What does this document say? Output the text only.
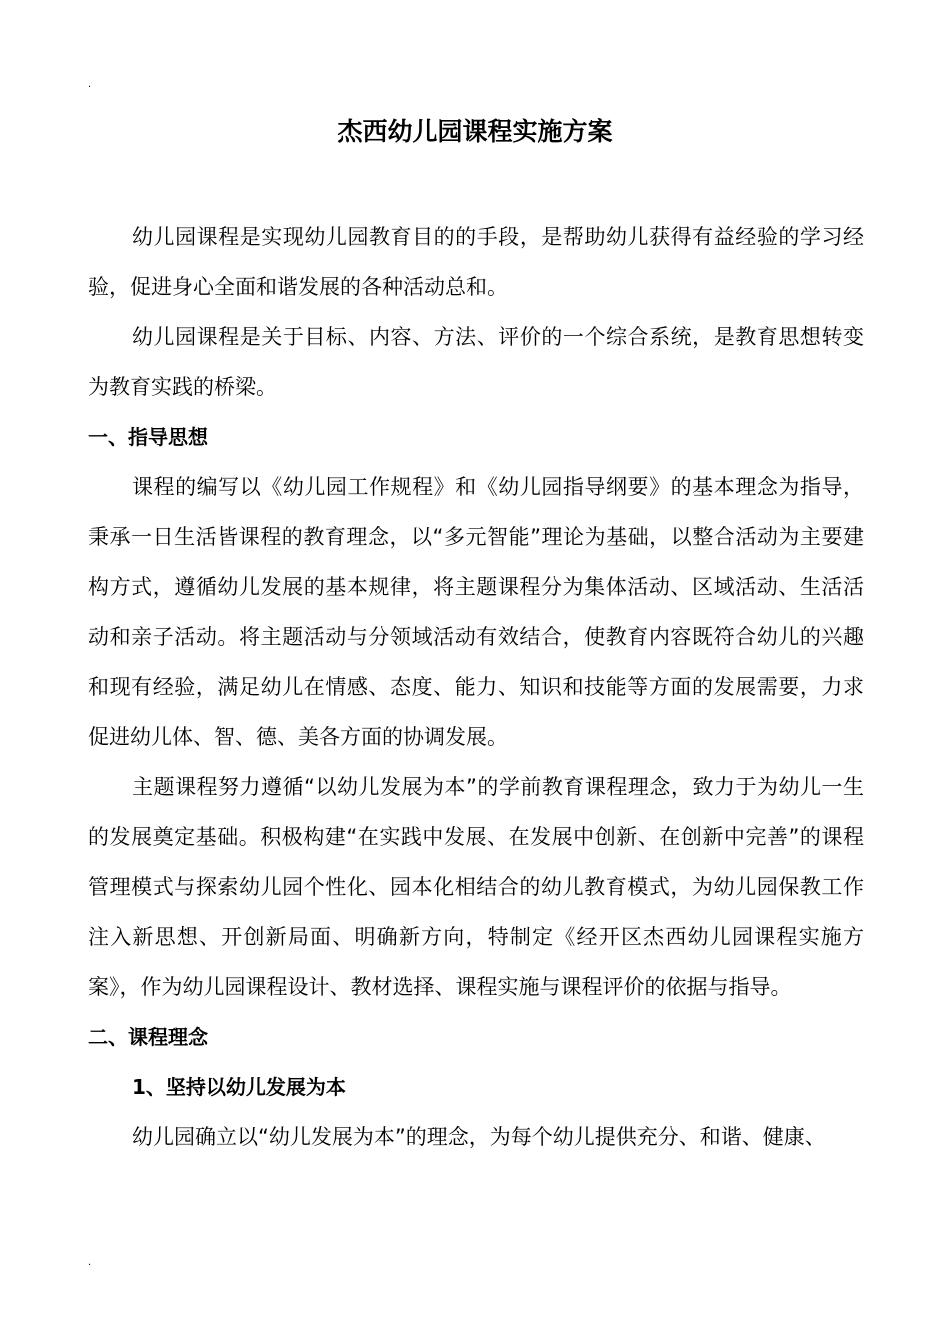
.
杰西幼儿园课程实施方案

幼儿园课程是实现幼儿园教育目的的手段，是帮助幼儿获得有益经验的学习经验，促进身心全面和谐发展的各种活动总和。

幼儿园课程是关于目标、内容、方法、评价的一个综合系统，是教育思想转变为教育实践的桥梁。

一、指导思想

课程的编写以《幼儿园工作规程》和《幼儿园指导纲要》的基本理念为指导，秉承一日生活皆课程的教育理念，以“多元智能”理论为基础，以整合活动为主要建构方式，遵循幼儿发展的基本规律，将主题课程分为集体活动、区域活动、生活活动和亲子活动。将主题活动与分领域活动有效结合，使教育内容既符合幼儿的兴趣和现有经验，满足幼儿在情感、态度、能力、知识和技能等方面的发展需要，力求促进幼儿体、智、德、美各方面的协调发展。

主题课程努力遵循“以幼儿发展为本”的学前教育课程理念，致力于为幼儿一生的发展奠定基础。积极构建“在实践中发展、在发展中创新、在创新中完善”的课程管理模式与探索幼儿园个性化、园本化相结合的幼儿教育模式，为幼儿园保教工作注入新思想、开创新局面、明确新方向，特制定《经开区杰西幼儿园课程实施方案》，作为幼儿园课程设计、教材选择、课程实施与课程评价的依据与指导。

二、课程理念
1、坚持以幼儿发展为本

幼儿园确立以“幼儿发展为本”的理念，为每个幼儿提供充分、和谐、健康、

.
